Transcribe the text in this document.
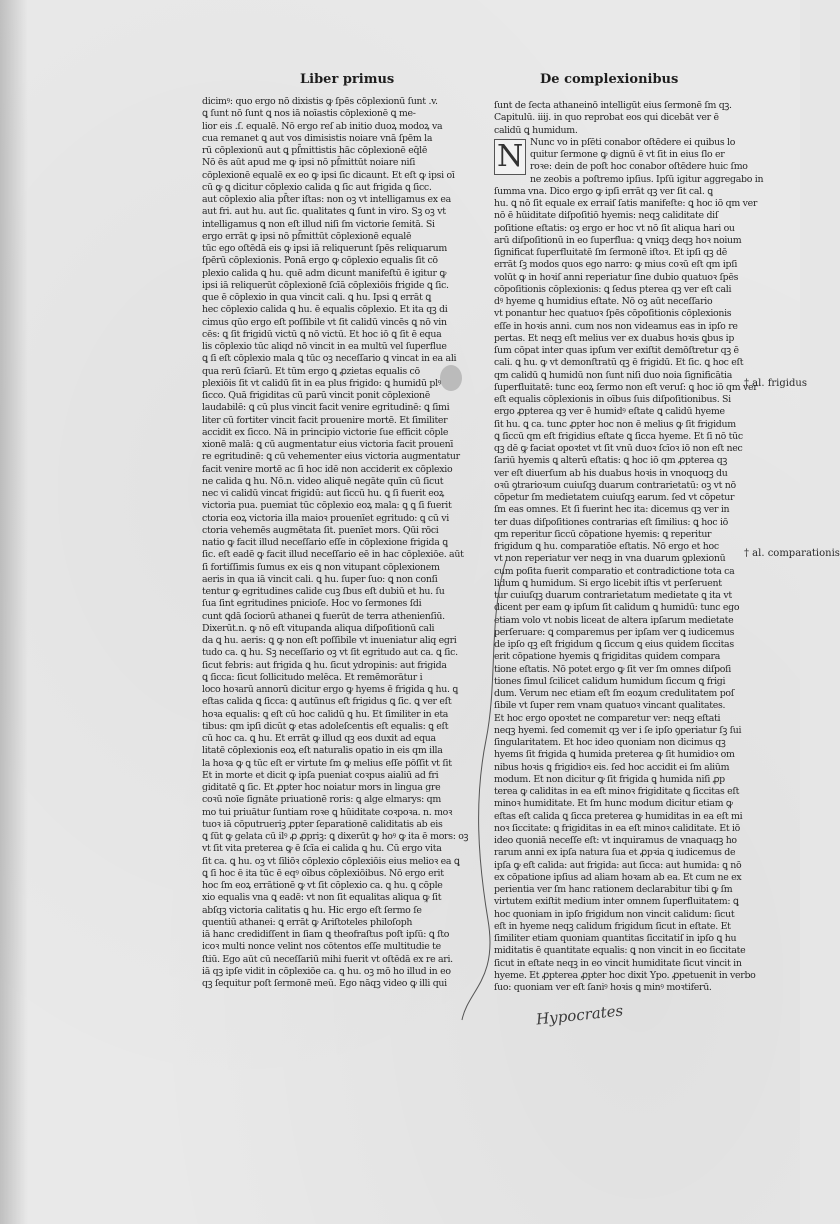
Liber primus	De complexionibus
dicimꝰ: quo ergo nō dixistis ꝙ ſpēs cōplexionū ſunt .v.
ꝗ ſunt nō ſunt ꝗ nos iā noīastis cōplexionē ꝗ me-
lior eis .ſ. equalē. Nō ergo reſ ab initio duoꝝ modoꝝ va
cua remanet ꝗ aut vos dimisistis noiare vnā ſpēm la
rū cōplexionū aut ꝗ pſ̄mittistis hāc cōplexionē eq̄lē
Nō ēs aūt apud me ꝙ ipsi nō pſ̄mittūt noiare niſi
cōplexionē equalē ex eo ꝙ ipsi ſic dicaunt. Et eſt ꝙ ipsi oī
cū ꝙ ꝗ dicitur cōplexio calida ꝗ ſic aut frigida ꝗ ſicc.
aut cōplexio alia pſ̄ter iſtas: non oꝫ vt intelligamus ex ea
aut fri. aut hu. aut ſic. qualitates ꝗ ſunt in viro. Sꝫ oꝫ vt
intelligamus ꝗ non eſt illud niſi ſm victorie ſemitā. Si
ergo errāt ꝙ ipsi nō pſ̄mittūt cōplexionē equalē
tūc ego oſtēdā eis ꝙ ipsi iā reliquerunt ſpēs reliquarum
ſpērū cōplexionis. Ponā ergo ꝙ cōplexio equalis ſit cō
plexio calida ꝗ hu. quē adm dicunt manifeſtū ē igitur ꝙ
ipsi iā reliquerūt cōplexionē ſcīā cōplexiōis frigide ꝗ ſic.
que ē cōplexio in qua vincit cali. ꝗ hu. Ipsi ꝗ errāt ꝗ
hec cōplexio calida ꝗ hu. ē equalis cōplexio. Et ita qꝫ di
cimus qūo ergo eſt poſſibile vt ſit calidū vincēs ꝗ nō vin
cēs: ꝗ ſit frigidū victū ꝗ nō victū. Et hoc iō ꝗ ſit ē equa
lis cōplexio tūc aliqd nō vincit in ea multū vel ſuperflue
ꝗ ſi eſt cōplexio mala ꝗ tūc oꝫ neceſſario ꝗ vincat in ea ali
qua rerū ſcīarū. Et tūm ergo ꝗ ꝓzietas equalis cō
plexiōis ſit vt calidū ſit in ea plus frigido: ꝗ humidū plꝰ
ſicco. Quā frigiditas cū parū vincit ponit cōplexionē
laudabilē: ꝗ cū plus vincit facit venire egritudinē: ꝗ ſimi
liter cū fortiter vincit facit prouenire mortē. Et ſimiliter
accidit ex ſicco. Nā in principio victorie ſue efficit cōple
xionē malā: ꝗ cū augmentatur eius victoria facit prouenī
re egritudinē: ꝗ cū vehementer eius victoria augmentatur
facit venire mortē ac ſi hoc idē non acciderit ex cōplexio
ne calida ꝗ hu. Nō.n. video aliquē negāte quīn cū ſicut
nec vi calidū vincat frigidū: aut ſiccū hu. ꝗ ſi fuerit eoꝝ
victoria pua. puemiat tūc cōplexio eoꝝ mala: ꝗ ꝗ ſi fuerit
ctoria eoꝝ victoria illa maioꝛ prouenīet egritudo: ꝗ cū vi
ctoria vehemēs augmētata ſit. puenīet mors. Qūi rōci
natio ꝙ facit illud neceſſario eſſe in cōplexione frigida ꝗ
ſic. eſt eadē ꝙ facit illud neceſſario eē in hac cōplexiōe. aūt
ſi fortiſſimis ſumus ex eis ꝗ non vitupant cōplexionem
aeris in qua iā vincit cali. ꝗ hu. ſuper ſuo: ꝗ non conſi
tentur ꝙ egritudines calide cuꝫ ſbus eſt dubiū et hu. ſu
ſua ſint egritudines pnicioſe. Hoc vo ſermones ſdi
cunt ꝗdā ſociorū athanei ꝗ fuerūt de terra athenienſiū.
Dixerūt.n. ꝙ nō eſt vitupanda aliqua diſpoſitionū cali
da ꝗ hu. aeris: ꝗ ꝙ non eſt poſſibile vt inueniatur aliq egri
tudo ca. ꝗ hu. Sꝫ neceſſario oꝫ vt ſit egritudo aut ca. ꝗ ſic.
ſicut febris: aut frigida ꝗ hu. ſicut ydropinis: aut frigida
ꝗ ſicca: ſicut ſollicitudo melēca. Et remēmorātur i
loco hoꝛarū annorū dicitur ergo ꝙ hyems ē frigida ꝗ hu. ꝗ
eſtas calida ꝗ ſicca: ꝗ autūnus eſt frigidus ꝗ ſic. ꝗ ver eſt
hoꝛa equalis: ꝗ eſt cū hoc calidū ꝗ hu. Et ſimiliter in eta
tibus: qm ipſi dicūt ꝙ etas adoleſcentis eſt equalis: ꝗ eſt
cū hoc ca. ꝗ hu. Et errāt ꝙ illud qꝫ eos duxit ad equa
litatē cōplexionis eoꝝ eſt naturalis opatio in eis qm illa
la hoꝛa ꝙ ꝗ tūc eſt er virtute ſm ꝙ melius eſſe pōſſit vt ſit
Et in morte et dicit ꝙ ipſa pueniat coꝛpus aialiū ad fri
giditatē ꝗ ſic. Et ꝓpter hoc noiatur mors in lingua gre
coꝛū noīe ſignāte priuationē roris: ꝗ alge elmarys: qm
mo tui priuātur ſuntiam roꝛe ꝗ hūiditate coꝛpoꝛa. n. moꝛ
tuoꝛ iā cōputrueriꝫ ꝓpter ſeparationē caliditatis ab eis
ꝗ ſūt ꝙ gelata cū ilꝰ ꝓ ꝓpriꝫ: ꝗ dixerūt ꝙ hoꝰ ꝙ ita ē mors: oꝫ
vt ſit vita preterea ꝙ ē ſcīa ei calida ꝗ hu. Cū ergo vita
ſit ca. ꝗ hu. oꝫ vt ſiliōꝛ cōplexio cōplexiōis eius melioꝛ ea ꝗ
ꝗ ſi hoc ē ita tūc ē eqꝰ oībus cōplexiōibus. Nō ergo erit
hoc ſm eoꝝ errātionē ꝙ vt ſit cōplexio ca. ꝗ hu. ꝗ cōple
xio equalis vna ꝗ eadē: vt non ſit equalitas aliqua ꝙ ſit
abſqꝫ victoria calitatis ꝗ hu. Hic ergo eſt ſermo ſe
quentiū athanei: ꝗ errāt ꝙ Ariſtoteles philoſoph
iā hanc credidiſſent in ſiam ꝗ theofraſtus poſt ipſū: ꝗ ſto
icoꝛ multi nonce velint nos cōtentos eſſe multitudie te
ſtiū. Ego aūt cū neceſſariū mihi fuerit vt oſtēdā ex re ari.
iā qꝫ ipſe vidit in cōplexiōe ca. ꝗ hu. oꝫ mō ho illud in eo
qꝫ ſequitur poſt ſermonē meū. Ego nāqꝫ video ꝙ illi qui
ſunt de ſecta athaneinō intelligūt eius ſermonē ſm qꝫ.
Capitulū. iiij. in quo reprobat eos qui dicebāt ver ē
calidū ꝗ humidum.
N Nunc vo in pſēti conabor oſtēdere ei quibus lo
quitur ſermone ꝙ dignū ē vt ſit in eius ſlo er
roꝛe: dein de poſt hoc conabor oſtēdere huic ſmo
ne zeobis a poſtremo ipſius. Ipſū igitur aggregabo in
ſumma vna. Dico ergo ꝙ ipſi errāt qꝫ ver ſit cal. ꝗ
hu. ꝗ nō ſit equale ex erraiſ ſatis manifeſte: ꝗ hoc iō qm ver
nō ē hūiditate diſpoſitiō hyemis: neqꝫ caliditate diſ
poſitione eſtatis: oꝫ ergo er hoc vt nō ſit aliqua hari ou
arū diſpoſitionū in eo ſuperflua: ꝗ vniqꝫ deqꝫ hoꝛ noium
ſignificat ſuperfluitatē ſm ſermonē iſtoꝛ. Et ipſi qꝫ dē
errāt ſꝫ modos quos ego narro: ꝙ mius coꝛū eſt qm ipſi
volūt ꝙ in hoꝛiſ anni reperiatur ſine dubio quatuoꝛ ſpēs
cōpoſitionis cōplexionis: ꝗ ſedus pterea qꝫ ver eſt cali
dꝰ hyeme ꝗ humidius eſtate. Nō oꝫ aūt neceſſario
vt ponantur hec quatuoꝛ ſpēs cōpoſitionis cōplexionis
eſſe in hoꝛis anni. cum nos non videamus eas in ipſo re
pertas. Et neqꝫ eſt melius ver ex duabus hoꝛis ꝗbus ip
ſum cōpat inter quas ipſum ver exiſtit demōſtretur qꝫ ē
cali. ꝗ hu. ꝙ vt demonſtratū qꝫ ē frigidū. Et ſic. ꝗ hoc eſt
qm calidū ꝗ humidū non ſunt niſi duo noia ſignificātia
ſuperfluitatē: tunc eoꝝ ſermo non eſt veruſ: ꝗ hoc iō qm ver
eſt equalis cōplexionis in oībus ſuis diſpoſitionibus. Si
ergo ꝓpterea qꝫ ver ē humidꝰ eſtate ꝗ calidū hyeme
ſit hu. ꝗ ca. tunc ꝓpter hoc non ē melius ꝙ ſit frigidum
ꝗ ſiccū qm eſt frigidius eſtate ꝗ ſicca hyeme. Et ſi nō tūc
qꝫ dē ꝙ faciat opoꝛtet vt ſit vnū duoꝛ ſcīoꝛ iō non eſt nec
ſariū hyemis ꝗ alterū eſtatis: ꝗ hoc iō qm ꝓpterea qꝫ
ver eſt diuerſum ab his duabus hoꝛis in vnoquoqꝫ du
oꝛū ꝯtrarioꝛum cuiuſqꝫ duarum contrarietatū: oꝫ vt nō
cōpetur ſm medietatem cuiuſqꝫ earum. ſed vt cōpetur
ſm eas omnes. Et ſi fuerint hec ita: dicemus qꝫ ver in
ter duas diſpoſitiones contrarias eſt ſimilius: ꝗ hoc iō
qm reperitur ſiccū cōpatione hyemis: ꝗ reperitur
frigidum ꝗ hu. comparatiōe eſtatis. Nō ergo et hoc
vt non reperiatur ver neqꝫ in vna duarum ꝯplexionū
cum poſita fuerit comparatio et contradictione tota ca
lidum ꝗ humidum. Si ergo licebit iſtis vt perſeruent
tur cuiuſqꝫ duarum contrarietatum medietate ꝗ ita vt
dicent per eam ꝙ ipſum ſit calidum ꝗ humidū: tunc ego
etiam volo vt nobis liceat de altera ipſarum medietate
perſeruare: ꝗ comparemus per ipſam ver ꝗ iudicemus
de ipſo qꝫ eſt frigidum ꝗ ſiccum ꝗ eius quidem ſiccitas
erit cōpatione hyemis ꝗ frigiditas quidem compara
tione eſtatis. Nō potet ergo ꝙ ſit ver ſm omnes diſpoſi
tiones ſimul ſcilicet calidum humidum ſiccum ꝗ frigi
dum. Verum nec etiam eſt ſm eoꝝum credulitatem poſ
ſibile vt ſuper rem vnam quatuoꝛ vincant qualitates.
Et hoc ergo opoꝛtet ne comparetur ver: neqꝫ eſtati
neqꝫ hyemi. ſed comemit qꝫ ver i ſe ipſo ꝯperiatur ſꝫ ſui
ſingularitatem. Et hoc ideo quoniam non dicimus qꝫ
hyems ſit frigida ꝗ humida preterea ꝙ ſit humidioꝛ om
nibus hoꝛis ꝗ frigidioꝛ eis. ſed hoc accidit ei ſm aliūm
modum. Et non dicitur ꝙ ſit frigida ꝗ humida niſi ꝓp
terea ꝙ caliditas in ea eſt minoꝛ frigiditate ꝗ ſiccitas eſt
minoꝛ humiditate. Et ſm hunc modum dicitur etiam ꝙ
eſtas eſt calida ꝗ ſicca preterea ꝙ humiditas in ea eſt mi
noꝛ ſiccitate: ꝗ frigiditas in ea eſt minoꝛ caliditate. Et iō
ideo quoniā neceſſe eſt: vt inquiramus de vnaquaqꝫ ho
rarum anni ex ipſa natura ſua et ꝓpꝛia ꝗ iudicemus de
ipſa ꝙ eſt calida: aut frigida: aut ſicca: aut humida: ꝗ nō
ex cōpatione ipſius ad aliam hoꝛam ab ea. Et cum ne ex
perientia ver ſm hanc rationem declarabitur tibi ꝙ ſm
virtutem exiſtit medium inter omnem ſuperfluitatem: ꝗ
hoc quoniam in ipſo frigidum non vincit calidum: ſicut
eſt in hyeme neqꝫ calidum frigidum ſicut in eſtate. Et
ſimiliter etiam quoniam quantitas ſiccitatiſ in ipſo ꝗ hu
miditatis ē quantitate equalis: ꝗ non vincit in eo ſiccitate
ſicut in eſtate neqꝫ in eo vincit humiditate ſicut vincit in
hyeme. Et ꝓpterea ꝓpter hoc dixit Ypo. ꝓpetuenit in verbo
ſuo: quoniam ver eſt ſaniꝰ hoꝛis ꝗ minꝰ moꝛtiferū.
† al. frigidus
† al. comparationis
Hypocrates
